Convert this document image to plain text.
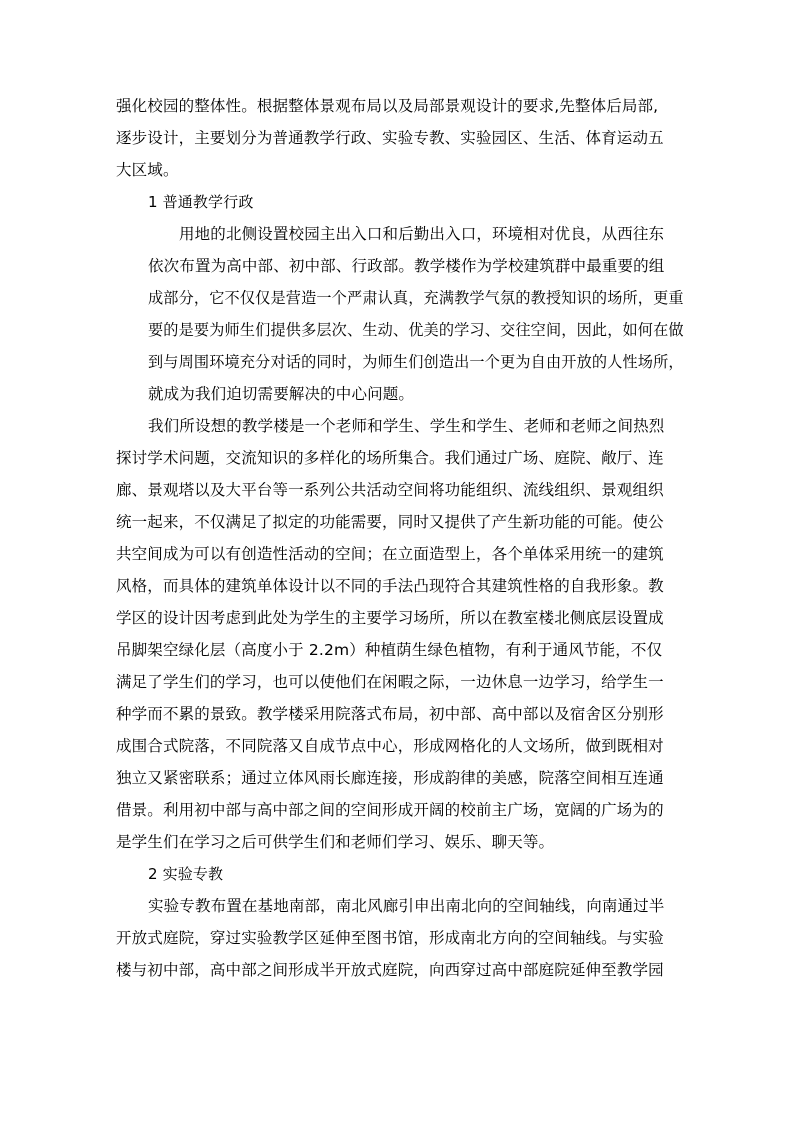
强化校园的整体性。根据整体景观布局以及局部景观设计的要求,先整体后局部,
逐步设计，主要划分为普通教学行政、实验专教、实验园区、生活、体育运动五
大区域。
1 普通教学行政
用地的北侧设置校园主出入口和后勤出入口，环境相对优良，从西往东
依次布置为高中部、初中部、行政部。教学楼作为学校建筑群中最重要的组
成部分，它不仅仅是营造一个严肃认真，充满教学气氛的教授知识的场所，更重
要的是要为师生们提供多层次、生动、优美的学习、交往空间，因此，如何在做
到与周围环境充分对话的同时，为师生们创造出一个更为自由开放的人性场所，
就成为我们迫切需要解决的中心问题。
我们所设想的教学楼是一个老师和学生、学生和学生、老师和老师之间热烈
探讨学术问题，交流知识的多样化的场所集合。我们通过广场、庭院、敞厅、连
廊、景观塔以及大平台等一系列公共活动空间将功能组织、流线组织、景观组织
统一起来，不仅满足了拟定的功能需要，同时又提供了产生新功能的可能。使公
共空间成为可以有创造性活动的空间；在立面造型上，各个单体采用统一的建筑
风格，而具体的建筑单体设计以不同的手法凸现符合其建筑性格的自我形象。教
学区的设计因考虑到此处为学生的主要学习场所，所以在教室楼北侧底层设置成
吊脚架空绿化层（高度小于 2.2m）种植荫生绿色植物，有利于通风节能，不仅
满足了学生们的学习，也可以使他们在闲暇之际，一边休息一边学习，给学生一
种学而不累的景致。教学楼采用院落式布局，初中部、高中部以及宿舍区分别形
成围合式院落，不同院落又自成节点中心，形成网格化的人文场所，做到既相对
独立又紧密联系；通过立体风雨长廊连接，形成韵律的美感，院落空间相互连通
借景。利用初中部与高中部之间的空间形成开阔的校前主广场，宽阔的广场为的
是学生们在学习之后可供学生们和老师们学习、娱乐、聊天等。
2 实验专教
实验专教布置在基地南部，南北风廊引申出南北向的空间轴线，向南通过半
开放式庭院，穿过实验教学区延伸至图书馆，形成南北方向的空间轴线。与实验
楼与初中部，高中部之间形成半开放式庭院，向西穿过高中部庭院延伸至教学园
